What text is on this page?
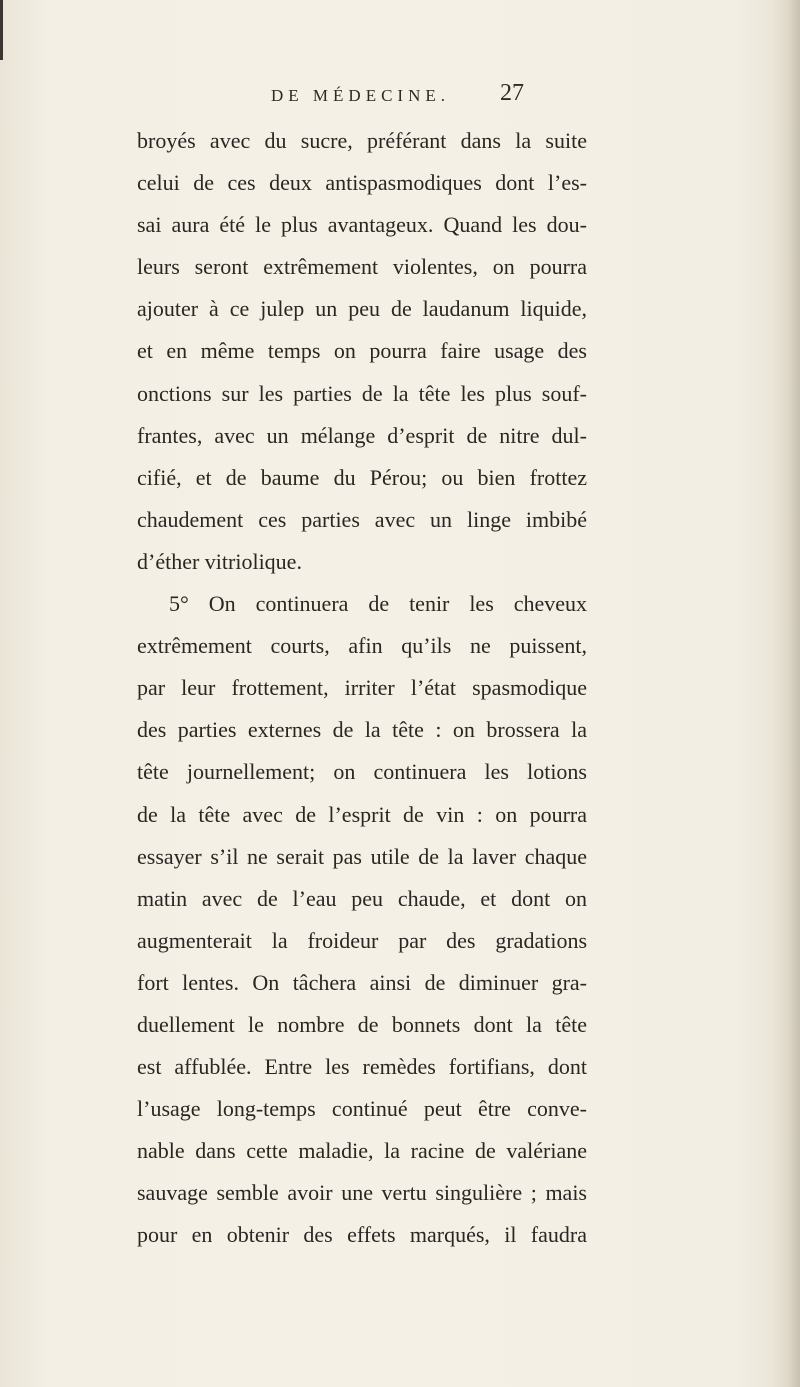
DE MÉDECINE. 27
broyés avec du sucre, préférant dans la suite
celui de ces deux antispasmodiques dont l’es-
sai aura été le plus avantageux. Quand les dou-
leurs seront extrêmement violentes, on pourra
ajouter à ce julep un peu de laudanum liquide,
et en même temps on pourra faire usage des
onctions sur les parties de la tête les plus souf-
frantes, avec un mélange d’esprit de nitre dul-
cifié, et de baume du Pérou; ou bien frottez
chaudement ces parties avec un linge imbibé
d’éther vitriolique.
5° On continuera de tenir les cheveux
extrêmement courts, afin qu’ils ne puissent,
par leur frottement, irriter l’état spasmodique
des parties externes de la tête : on brossera la
tête journellement; on continuera les lotions
de la tête avec de l’esprit de vin : on pourra
essayer s’il ne serait pas utile de la laver chaque
matin avec de l’eau peu chaude, et dont on
augmenterait la froideur par des gradations
fort lentes. On tâchera ainsi de diminuer gra-
duellement le nombre de bonnets dont la tête
est affublée. Entre les remèdes fortifians, dont
l’usage long-temps continué peut être conve-
nable dans cette maladie, la racine de valériane
sauvage semble avoir une vertu singulière ; mais
pour en obtenir des effets marqués, il faudra
